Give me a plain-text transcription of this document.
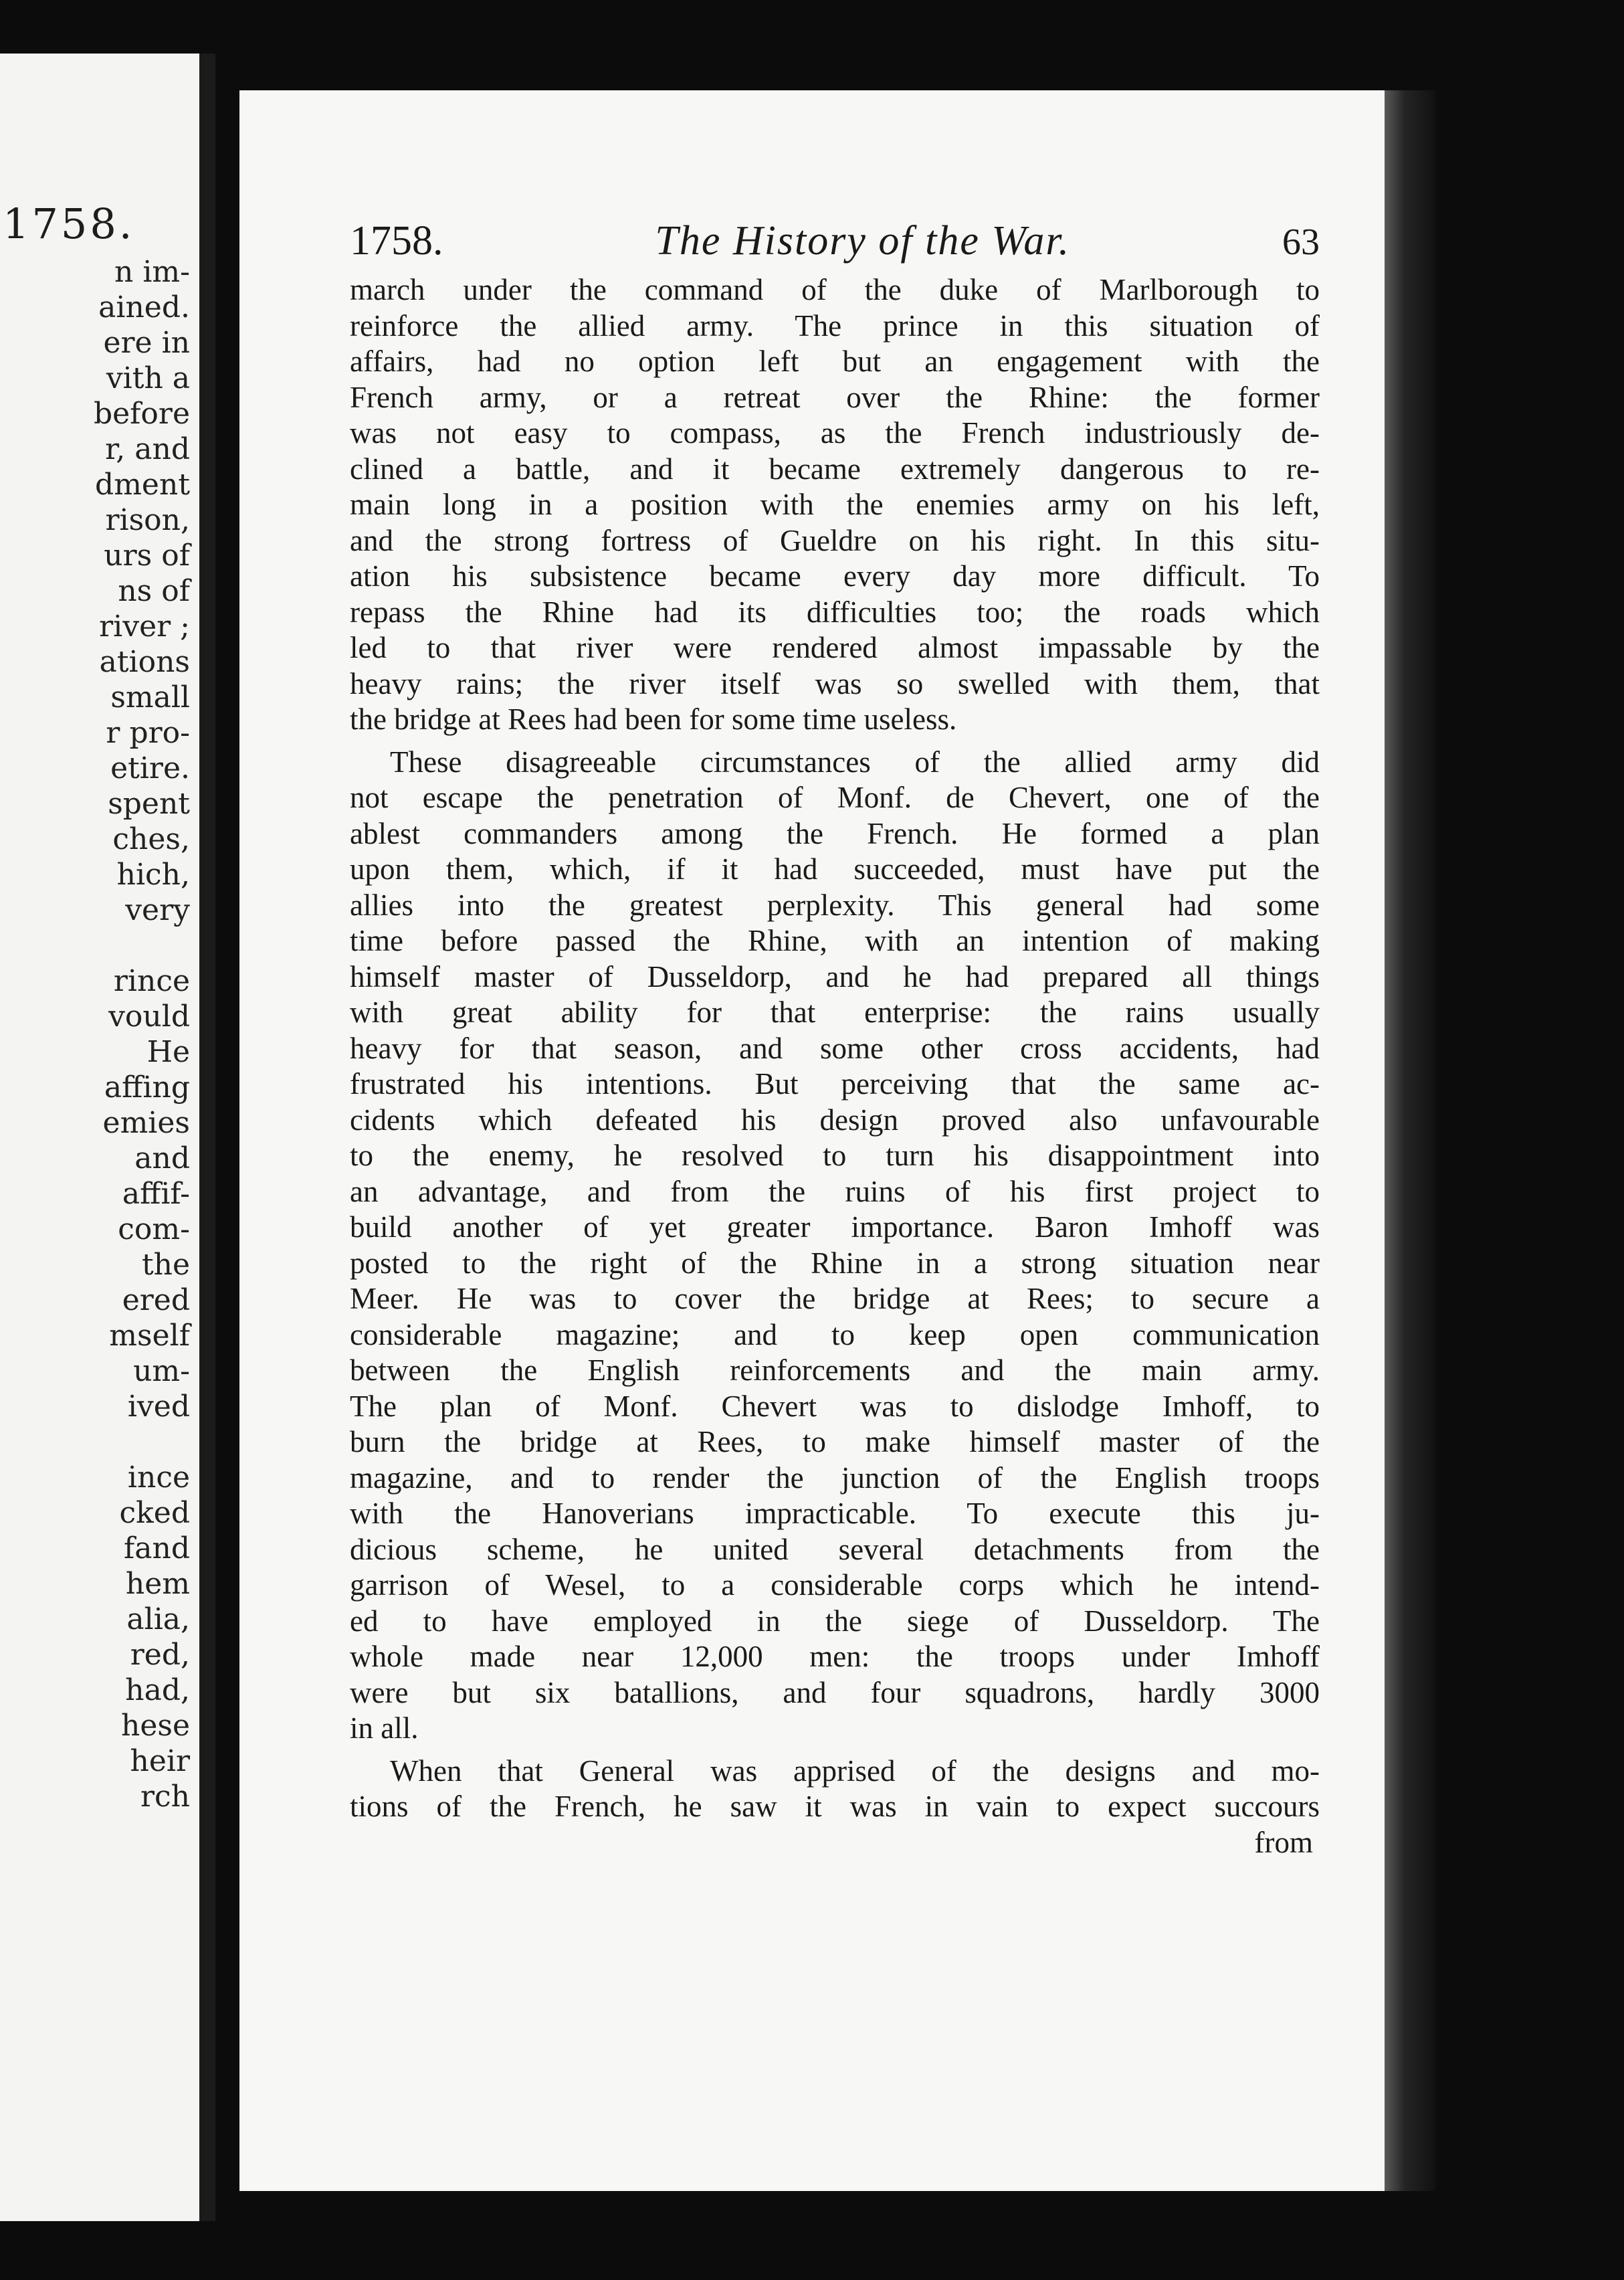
1758.
n im-
ained.
ere in
vith a
before
r, and
dment
rison,
urs of
ns of
river ;
ations
small
r pro-
etire.
spent
ches,
hich,
very
rince
vould
He
affing
emies
and
affif-
com-
the
ered
mself
um-
ived
ince
cked
fand
hem
alia,
red,
had,
hese
heir
rch
1758.	The History of the War.	63
march under the command of the duke of Marlborough to
reinforce the allied army. The prince in this situation of
affairs, had no option left but an engagement with the
French army, or a retreat over the Rhine: the former
was not easy to compass, as the French industriously de-
clined a battle, and it became extremely dangerous to re-
main long in a position with the enemies army on his left,
and the strong fortress of Gueldre on his right. In this situ-
ation his subsistence became every day more difficult. To
repass the Rhine had its difficulties too; the roads which
led to that river were rendered almost impassable by the
heavy rains; the river itself was so swelled with them, that
the bridge at Rees had been for some time useless.
These disagreeable circumstances of the allied army did
not escape the penetration of Monf. de Chevert, one of the
ablest commanders among the French. He formed a plan
upon them, which, if it had succeeded, must have put the
allies into the greatest perplexity. This general had some
time before passed the Rhine, with an intention of making
himself master of Dusseldorp, and he had prepared all things
with great ability for that enterprise: the rains usually
heavy for that season, and some other cross accidents, had
frustrated his intentions. But perceiving that the same ac-
cidents which defeated his design proved also unfavourable
to the enemy, he resolved to turn his disappointment into
an advantage, and from the ruins of his first project to
build another of yet greater importance. Baron Imhoff was
posted to the right of the Rhine in a strong situation near
Meer. He was to cover the bridge at Rees; to secure a
considerable magazine; and to keep open communication
between the English reinforcements and the main army.
The plan of Monf. Chevert was to dislodge Imhoff, to
burn the bridge at Rees, to make himself master of the
magazine, and to render the junction of the English troops
with the Hanoverians impracticable. To execute this ju-
dicious scheme, he united several detachments from the
garrison of Wesel, to a considerable corps which he intend-
ed to have employed in the siege of Dusseldorp. The
whole made near 12,000 men: the troops under Imhoff
were but six batallions, and four squadrons, hardly 3000
in all.
When that General was apprised of the designs and mo-
tions of the French, he saw it was in vain to expect succours
from
